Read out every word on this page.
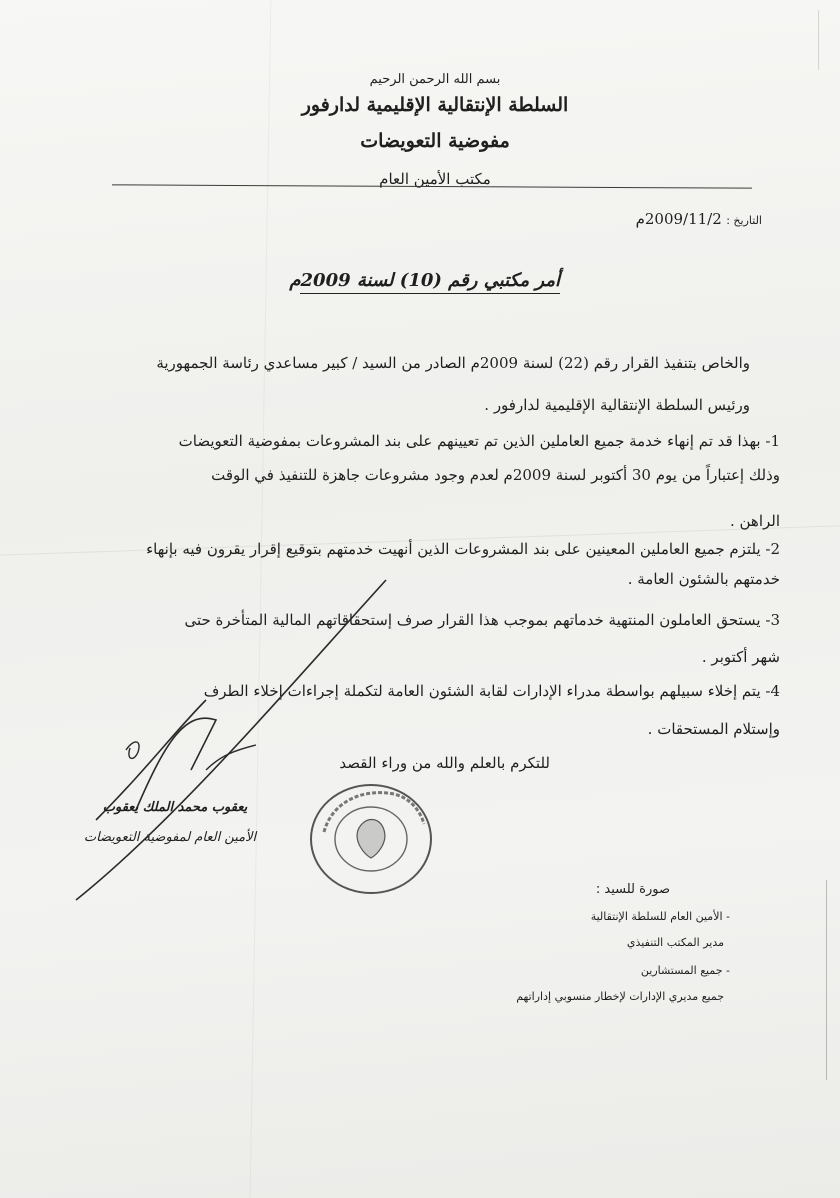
بسم الله الرحمن الرحيم
السلطة الإنتقالية الإقليمية لدارفور
مفوضية التعويضات
مكتب الأمين العام
التاريخ : 2009/11/2م
أمر مكتبي رقم (10) لسنة 2009م
والخاص بتنفيذ القرار رقم (22) لسنة 2009م الصادر من السيد / كبير مساعدي رئاسة الجمهورية
ورئيس السلطة الإنتقالية الإقليمية لدارفور .
1- بهذا قد تم إنهاء خدمة جميع العاملين الذين تم تعيينهم على بند المشروعات بمفوضية التعويضات
وذلك إعتباراً من يوم 30 أكتوبر لسنة 2009م لعدم وجود مشروعات جاهزة للتنفيذ في الوقت
الراهن .
2- يلتزم جميع العاملين المعينين على بند المشروعات الذين أنهيت خدمتهم بتوقيع إقرار يقرون فيه بإنهاء
خدمتهم بالشئون العامة .
3- يستحق العاملون المنتهية خدماتهم بموجب هذا القرار صرف إستحقاقاتهم المالية المتأخرة حتى
شهر أكتوبر .
4- يتم إخلاء سبيلهم بواسطة مدراء الإدارات لقابة الشئون العامة لتكملة إجراءات إخلاء الطرف
وإستلام المستحقات .
للتكرم بالعلم والله من وراء القصد
يعقوب محمد الملك يعقوب
الأمين العام لمفوضية التعويضات
صورة للسيد :
- الأمين العام للسلطة الإنتقالية
مدير المكتب التنفيذي
- جميع المستشارين
جميع مديري الإدارات لإخطار منسوبي إداراتهم
